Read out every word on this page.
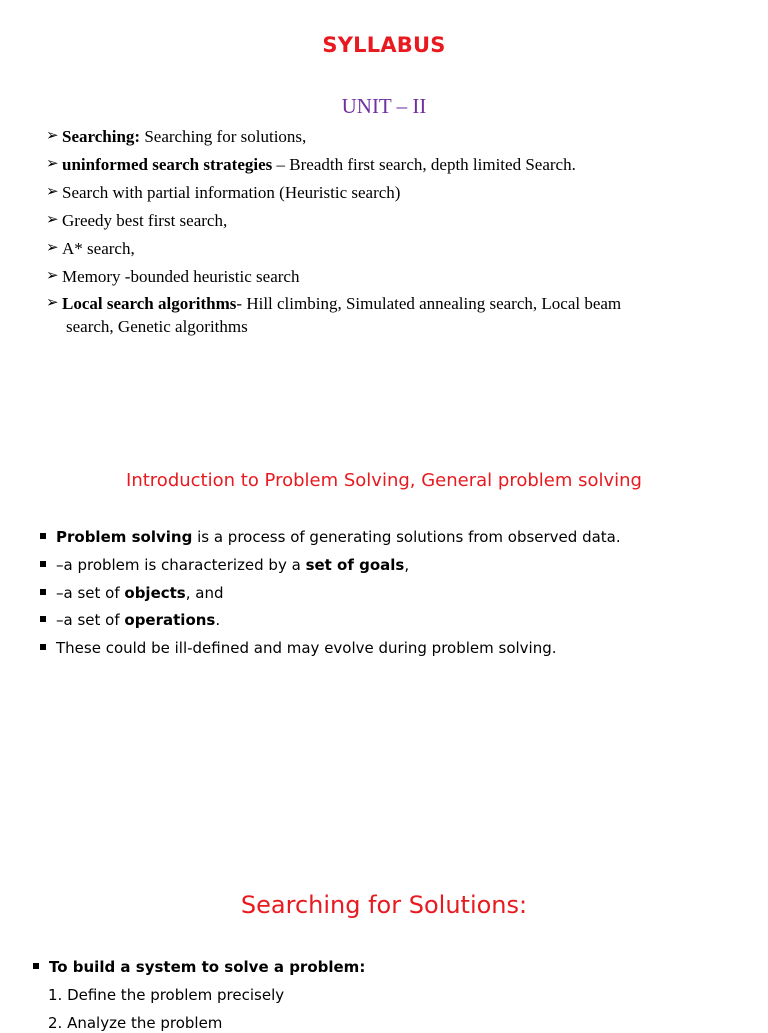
SYLLABUS
UNIT – II
➢ Searching: Searching for solutions,
➢ uninformed search strategies – Breadth first search, depth limited Search.
➢ Search with partial information (Heuristic search)
➢ Greedy best first search,
➢ A* search,
➢ Memory -bounded heuristic search
➢ Local search algorithms- Hill climbing, Simulated annealing search, Local beam
search, Genetic algorithms
Introduction to Problem Solving, General problem solving
Problem solving is a process of generating solutions from observed data.
–a problem is characterized by a set of goals,
–a set of objects, and
–a set of operations.
These could be ill-defined and may evolve during problem solving.
Searching for Solutions:
To build a system to solve a problem:
1. Define the problem precisely
2. Analyze the problem
